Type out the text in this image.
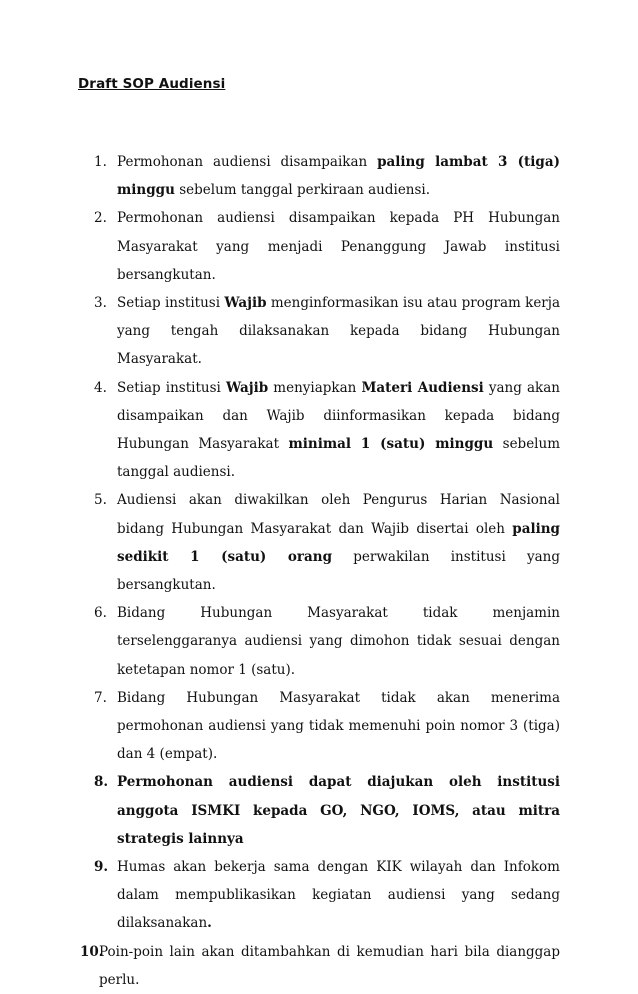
Draft SOP Audiensi
1. Permohonan audiensi disampaikan paling lambat 3 (tiga) minggu sebelum tanggal perkiraan audiensi.
2. Permohonan audiensi disampaikan kepada PH Hubungan Masyarakat yang menjadi Penanggung Jawab institusi bersangkutan.
3. Setiap institusi Wajib menginformasikan isu atau program kerja yang tengah dilaksanakan kepada bidang Hubungan Masyarakat.
4. Setiap institusi Wajib menyiapkan Materi Audiensi yang akan disampaikan dan Wajib diinformasikan kepada bidang Hubungan Masyarakat minimal 1 (satu) minggu sebelum tanggal audiensi.
5. Audiensi akan diwakilkan oleh Pengurus Harian Nasional bidang Hubungan Masyarakat dan Wajib disertai oleh paling sedikit 1 (satu) orang perwakilan institusi yang bersangkutan.
6. Bidang Hubungan Masyarakat tidak menjamin terselenggaranya audiensi yang dimohon tidak sesuai dengan ketetapan nomor 1 (satu).
7. Bidang Hubungan Masyarakat tidak akan menerima permohonan audiensi yang tidak memenuhi poin nomor 3 (tiga) dan 4 (empat).
8. Permohonan audiensi dapat diajukan oleh institusi anggota ISMKI kepada GO, NGO, IOMS, atau mitra strategis lainnya
9. Humas akan bekerja sama dengan KIK wilayah dan Infokom dalam mempublikasikan kegiatan audiensi yang sedang dilaksanakan.
10.
Poin-poin lain akan ditambahkan di kemudian hari bila dianggap perlu.
